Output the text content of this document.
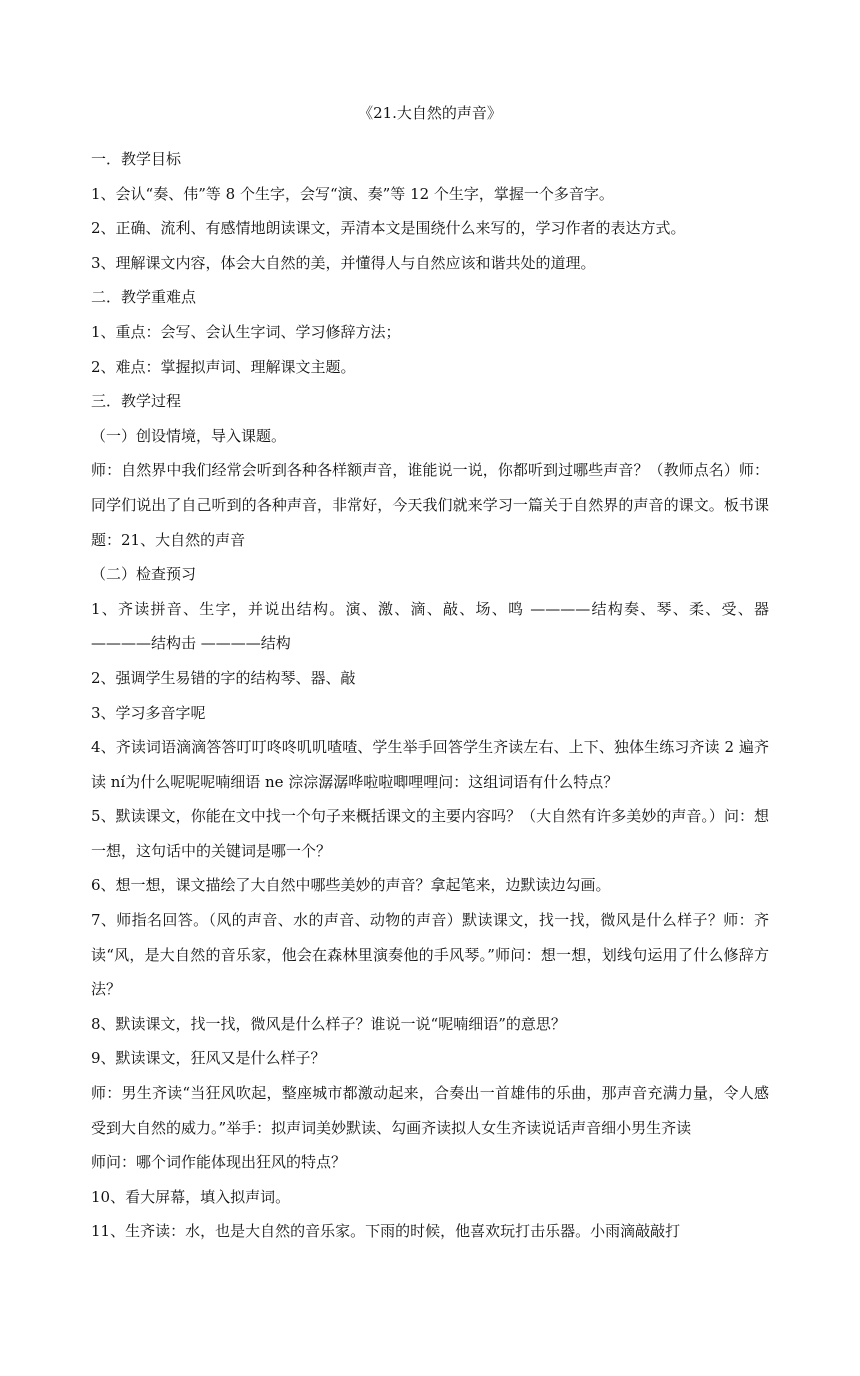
《21.大自然的声音》

一．教学目标

1、会认“奏、伟”等 8 个生字，会写“演、奏”等 12 个生字，掌握一个多音字。

2、正确、流利、有感情地朗读课文，弄清本文是围绕什么来写的，学习作者的表达方式。

3、理解课文内容，体会大自然的美，并懂得人与自然应该和谐共处的道理。

二．教学重难点

1、重点：会写、会认生字词、学习修辞方法；

2、难点：掌握拟声词、理解课文主题。

三．教学过程

（一）创设情境，导入课题。

师：自然界中我们经常会听到各种各样额声音，谁能说一说，你都听到过哪些声音？（教师点名）师：同学们说出了自己听到的各种声音，非常好，今天我们就来学习一篇关于自然界的声音的课文。板书课题：21、大自然的声音

（二）检查预习

1、齐读拼音、生字，并说出结构。演、激、滴、敲、场、鸣 ————结构奏、琴、柔、受、器 ————结构击 ————结构

2、强调学生易错的字的结构琴、器、敲

3、学习多音字呢

4、齐读词语滴滴答答叮叮咚咚叽叽喳喳、学生举手回答学生齐读左右、上下、独体生练习齐读 2 遍齐读 ní为什么呢呢呢喃细语 ne 淙淙潺潺哗啦啦唧哩哩问：这组词语有什么特点？

5、默读课文，你能在文中找一个句子来概括课文的主要内容吗？（大自然有许多美妙的声音。）问：想一想，这句话中的关键词是哪一个？

6、想一想，课文描绘了大自然中哪些美妙的声音？拿起笔来，边默读边勾画。

7、师指名回答。（风的声音、水的声音、动物的声音）默读课文，找一找，微风是什么样子？师：齐读“风，是大自然的音乐家，他会在森林里演奏他的手风琴。”师问：想一想，划线句运用了什么修辞方法？

8、默读课文，找一找，微风是什么样子？谁说一说“呢喃细语”的意思？

9、默读课文，狂风又是什么样子？

师：男生齐读“当狂风吹起，整座城市都激动起来，合奏出一首雄伟的乐曲，那声音充满力量，令人感受到大自然的威力。”举手：拟声词美妙默读、勾画齐读拟人女生齐读说话声音细小男生齐读

师问：哪个词作能体现出狂风的特点？

10、看大屏幕，填入拟声词。

11、生齐读：水，也是大自然的音乐家。下雨的时候，他喜欢玩打击乐器。小雨滴敲敲打
